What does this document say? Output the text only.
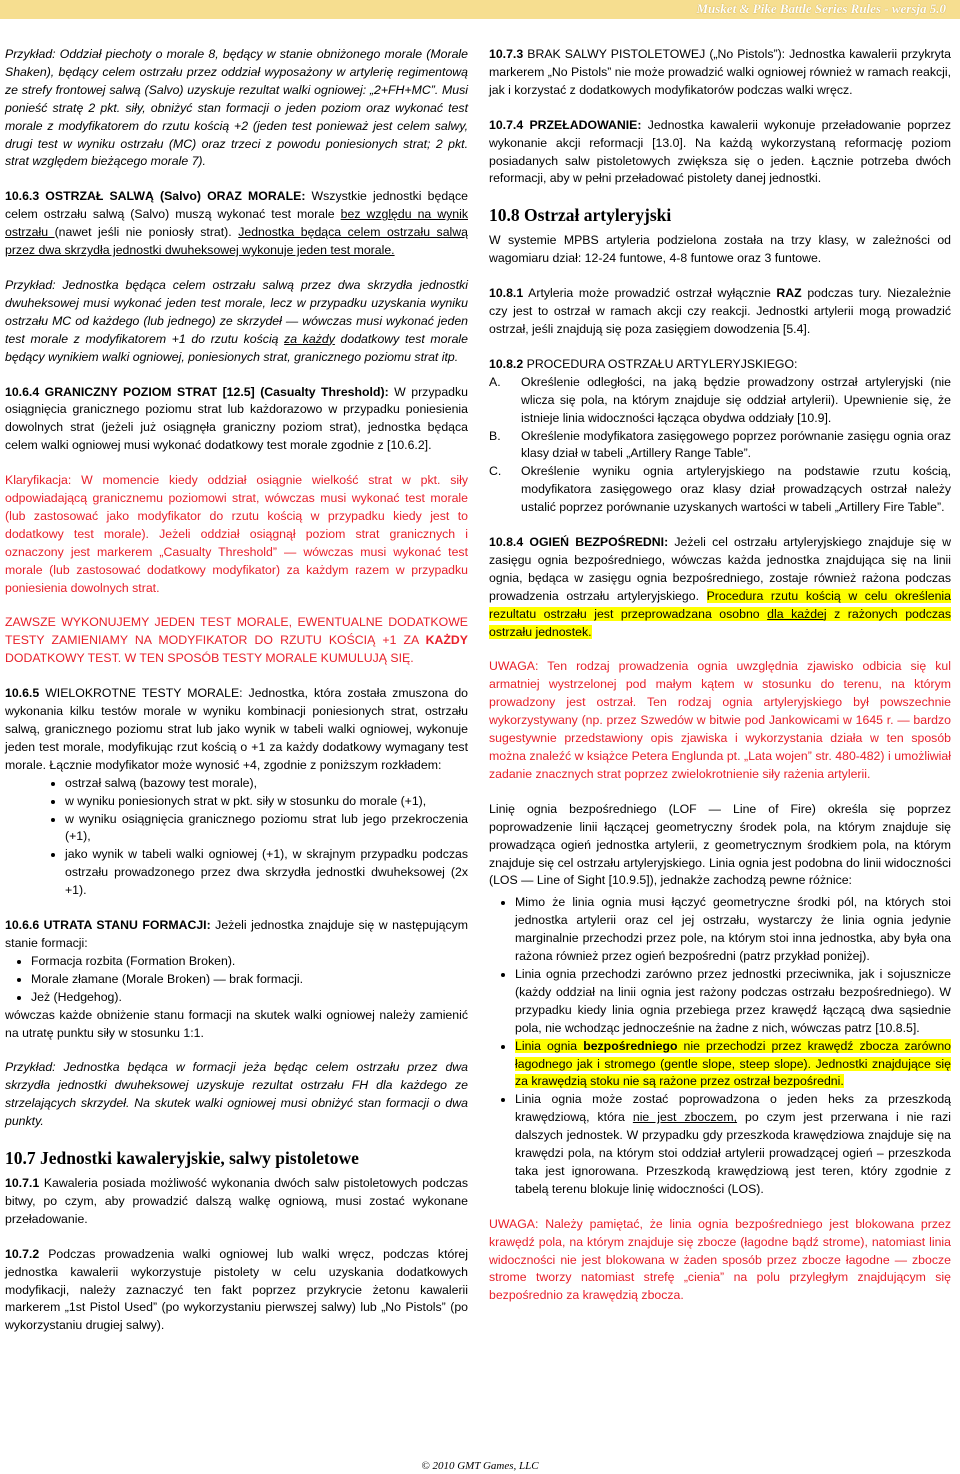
Musket & Pike Battle Series Rules - wersja 5.0

Przykład: Oddział piechoty o morale 8, będący w stanie obniżonego morale (Morale Shaken), będący celem ostrzału przez oddział wyposażony w artylerię regimentową ze strefy frontowej salwą (Salvo) uzyskuje rezultat walki ogniowej: „2+FH+MC”. Musi ponieść stratę 2 pkt. siły, obniżyć stan formacji o jeden poziom oraz wykonać test morale z modyfikatorem do rzutu kością +2 (jeden test ponieważ jest celem salwy, drugi test w wyniku ostrzału (MC) oraz trzeci z powodu poniesionych strat; 2 pkt. strat względem bieżącego morale 7).

10.6.3 OSTRZAŁ SALWĄ (Salvo) ORAZ MORALE: Wszystkie jednostki będące celem ostrzału salwą (Salvo) muszą wykonać test morale bez względu na wynik ostrzału (nawet jeśli nie poniosły strat). Jednostka będąca celem ostrzału salwą przez dwa skrzydła jednostki dwuheksowej wykonuje jeden test morale.

Przykład: Jednostka będąca celem ostrzału salwą przez dwa skrzydła jednostki dwuheksowej musi wykonać jeden test morale, lecz w przypadku uzyskania wyniku ostrzału MC od każdego (lub jednego) ze skrzydeł — wówczas musi wykonać jeden test morale z modyfikatorem +1 do rzutu kością za każdy dodatkowy test morale będący wynikiem walki ogniowej, poniesionych strat, granicznego poziomu strat itp.

10.6.4 GRANICZNY POZIOM STRAT [12.5] (Casualty Threshold): W przypadku osiągnięcia granicznego poziomu strat lub każdorazowo w przypadku poniesienia dowolnych strat (jeżeli już osiągnęła graniczny poziom strat), jednostka będąca celem walki ogniowej musi wykonać dodatkowy test morale zgodnie z [10.6.2].

Klaryfikacja: W momencie kiedy oddział osiągnie wielkość strat w pkt. siły odpowiadającą granicznemu poziomowi strat, wówczas musi wykonać test morale (lub zastosować jako modyfikator do rzutu kością w przypadku kiedy jest to dodatkowy test morale). Jeżeli oddział osiągnął poziom strat granicznych i oznaczony jest markerem „Casualty Threshold” — wówczas musi wykonać test morale (lub zastosować dodatkowy modyfikator) za każdym razem w przypadku poniesienia dowolnych strat.

ZAWSZE WYKONUJEMY JEDEN TEST MORALE, EWENTUALNE DODATKOWE TESTY ZAMIENIAMY NA MODYFIKATOR DO RZUTU KOŚCIĄ +1 ZA KAŻDY DODATKOWY TEST. W TEN SPOSÓB TESTY MORALE KUMULUJĄ SIĘ.

10.6.5 WIELOKROTNE TESTY MORALE: Jednostka, która została zmuszona do wykonania kilku testów morale w wyniku kombinacji poniesionych strat, ostrzału salwą, granicznego poziomu strat lub jako wynik w tabeli walki ogniowej, wykonuje jeden test morale, modyfikując rzut kością o +1 za każdy dodatkowy wymagany test morale. Łącznie modyfikator może wynosić +4, zgodnie z poniższym rozkładem:

• ostrzał salwą (bazowy test morale),
• w wyniku poniesionych strat w pkt. siły w stosunku do morale (+1),
• w wyniku osiągnięcia granicznego poziomu strat lub jego przekroczenia (+1),
• jako wynik w tabeli walki ogniowej (+1), w skrajnym przypadku podczas ostrzału prowadzonego przez dwa skrzydła jednostki dwuheksowej (2x +1).

10.6.6 UTRATA STANU FORMACJI: Jeżeli jednostka znajduje się w następującym stanie formacji:

• Formacja rozbita (Formation Broken).
• Morale złamane (Morale Broken) — brak formacji.
• Jeż (Hedgehog).

wówczas każde obniżenie stanu formacji na skutek walki ogniowej należy zamienić na utratę punktu siły w stosunku 1:1.

Przykład: Jednostka będąca w formacji jeża będąc celem ostrzału przez dwa skrzydła jednostki dwuheksowej uzyskuje rezultat ostrzału FH dla każdego ze strzelających skrzydeł. Na skutek walki ogniowej musi obniżyć stan formacji o dwa punkty.

10.7 Jednostki kawaleryjskie, salwy pistoletowe

10.7.1 Kawaleria posiada możliwość wykonania dwóch salw pistoletowych podczas bitwy, po czym, aby prowadzić dalszą walkę ogniową, musi zostać wykonane przeładowanie.

10.7.2 Podczas prowadzenia walki ogniowej lub walki wręcz, podczas której jednostka kawalerii wykorzystuje pistolety w celu uzyskania dodatkowych modyfikacji, należy zaznaczyć ten fakt poprzez przykrycie żetonu kawalerii markerem „1st Pistol Used” (po wykorzystaniu pierwszej salwy) lub „No Pistols” (po wykorzystaniu drugiej salwy).

10.7.3 BRAK SALWY PISTOLETOWEJ („No Pistols”): Jednostka kawalerii przykryta markerem „No Pistols” nie może prowadzić walki ogniowej również w ramach reakcji, jak i korzystać z dodatkowych modyfikatorów podczas walki wręcz.

10.7.4 PRZEŁADOWANIE: Jednostka kawalerii wykonuje przeładowanie poprzez wykonanie akcji reformacji [13.0]. Na każdą wykorzystaną reformację poziom posiadanych salw pistoletowych zwiększa się o jeden. Łącznie potrzeba dwóch reformacji, aby w pełni przeładować pistolety danej jednostki.

10.8 Ostrzał artyleryjski

W systemie MPBS artyleria podzielona została na trzy klasy, w zależności od wagomiaru dział: 12-24 funtowe, 4-8 funtowe oraz 3 funtowe.

10.8.1 Artyleria może prowadzić ostrzał wyłącznie RAZ podczas tury. Niezależnie czy jest to ostrzał w ramach akcji czy reakcji. Jednostki artylerii mogą prowadzić ostrzał, jeśli znajdują się poza zasięgiem dowodzenia [5.4].

10.8.2 PROCEDURA OSTRZAŁU ARTYLERYJSKIEGO:

A.	Określenie odległości, na jaką będzie prowadzony ostrzał artyleryjski (nie wlicza się pola, na którym znajduje się oddział artylerii). Upewnienie się, że istnieje linia widoczności łącząca obydwa oddziały [10.9].
B.	Określenie modyfikatora zasięgowego poprzez porównanie zasięgu ognia oraz klasy dział w tabeli „Artillery Range Table”.
C.	Określenie wyniku ognia artyleryjskiego na podstawie rzutu kością, modyfikatora zasięgowego oraz klasy dział prowadzących ostrzał należy ustalić poprzez porównanie uzyskanych wartości w tabeli „Artillery Fire Table”.

10.8.4 OGIEŃ BEZPOŚREDNI: Jeżeli cel ostrzału artyleryjskiego znajduje się w zasięgu ognia bezpośredniego, wówczas każda jednostka znajdująca się na linii ognia, będąca w zasięgu ognia bezpośredniego, zostaje również rażona podczas prowadzenia ostrzału artyleryjskiego. Procedura rzutu kością w celu określenia rezultatu ostrzału jest przeprowadzana osobno dla każdej z rażonych podczas ostrzału jednostek.

UWAGA: Ten rodzaj prowadzenia ognia uwzględnia zjawisko odbicia się kul armatniej wystrzelonej pod małym kątem w stosunku do terenu, na którym prowadzony jest ostrzał. Ten rodzaj ognia artyleryjskiego był powszechnie wykorzystywany (np. przez Szwedów w bitwie pod Jankowicami w 1645 r. — bardzo sugestywnie przedstawiony opis zjawiska i wykorzystania działa w ten sposób można znaleźć w książce Petera Englunda pt. „Lata wojen” str. 480-482) i umożliwiał zadanie znacznych strat poprzez zwielokrotnienie siły rażenia artylerii.

Linię ognia bezpośredniego (LOF — Line of Fire) określa się poprzez poprowadzenie linii łączącej geometryczny środek pola, na którym znajduje się prowadząca ogień jednostka artylerii, z geometrycznym środkiem pola, na którym znajduje się cel ostrzału artyleryjskiego. Linia ognia jest podobna do linii widoczności (LOS — Line of Sight [10.9.5]), jednakże zachodzą pewne różnice:

• Mimo że linia ognia musi łączyć geometryczne środki pól, na których stoi jednostka artylerii oraz cel jej ostrzału, wystarczy że linia ognia jedynie marginalnie przechodzi przez pole, na którym stoi inna jednostka, aby była ona rażona również przez ogień bezpośredni (patrz przykład poniżej).
• Linia ognia przechodzi zarówno przez jednostki przeciwnika, jak i sojusznicze (każdy oddział na linii ognia jest rażony podczas ostrzału bezpośredniego). W przypadku kiedy linia ognia przebiega przez krawędź łączącą dwa sąsiednie pola, nie wchodząc jednocześnie na żadne z nich, wówczas patrz [10.8.5].
• Linia ognia bezpośredniego nie przechodzi przez krawędź zbocza zarówno łagodnego jak i stromego (gentle slope, steep slope). Jednostki znajdujące się za krawędzią stoku nie są rażone przez ostrzał bezpośredni.
• Linia ognia może zostać poprowadzona o jeden heks za przeszkodą krawędziową, która nie jest zboczem, po czym jest przerwana i nie razi dalszych jednostek. W przypadku gdy przeszkoda krawędziowa znajduje się na krawędzi pola, na którym stoi oddział artylerii prowadzącej ogień – przeszkoda taka jest ignorowana. Przeszkodą krawędziową jest teren, który zgodnie z tabelą terenu blokuje linię widoczności (LOS).

UWAGA: Należy pamiętać, że linia ognia bezpośredniego jest blokowana przez krawędź pola, na którym znajduje się zbocze (łagodne bądź strome), natomiast linia widoczności nie jest blokowana w żaden sposób przez zbocze łagodne — zbocze strome tworzy natomiast strefę „cienia” na polu przyległym znajdującym się bezpośrednio za krawędzią zbocza.

© 2010 GMT Games, LLC
